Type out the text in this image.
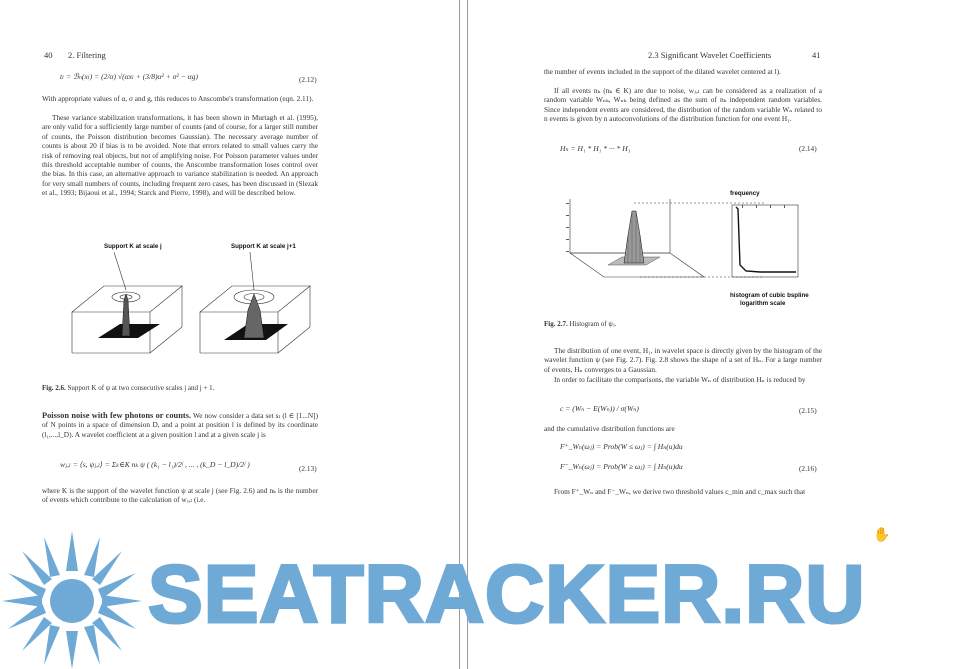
40 2. Filtering
tₗ = ℬₙ(xₗ) = (2/α) √(αxₗ + (3/8)α² + σ² − αg)	(2.12)
With appropriate values of α, σ and g, this reduces to Anscombe's transformation (eqn. 2.11).
These variance stabilization transformations, it has been shown in Murtagh et al. (1995), are only valid for a sufficiently large number of counts (and of course, for a larger still number of counts, the Poisson distribution becomes Gaussian). The necessary average number of counts is about 20 if bias is to be avoided. Note that errors related to small values carry the risk of removing real objects, but not of amplifying noise. For Poisson parameter values under this threshold acceptable number of counts, the Anscombe transformation loses control over the bias. In this case, an alternative approach to variance stabilization is needed. An approach for very small numbers of counts, including frequent zero cases, has been discussed in (Slezak et al., 1993; Bijaoui et al., 1994; Starck and Pierre, 1998), and will be described below.
Support K at scale j	Support K at scale j+1
Fig. 2.6. Support K of ψ at two consecutive scales j and j + 1.
Poisson noise with few photons or counts. We now consider a data set sₗ (l ∈ [1...N]) of N points in a space of dimension D, and a point at position l is defined by its coordinate (l₁,...,l_D). A wavelet coefficient at a given position l and at a given scale j is
wⱼ,ₗ = ⟨s, ψⱼ,ₗ⟩ = Σₖ∈K nₖ ψ ( (k₁ − l₁)/2ʲ , ... , (k_D − l_D)/2ʲ )	(2.13)
where K is the support of the wavelet function ψ at scale j (see Fig. 2.6) and nₖ is the number of events which contribute to the calculation of wⱼ,ₗ (i.e.
2.3 Significant Wavelet Coefficients	41
the number of events included in the support of the dilated wavelet centered at l).
If all events nₖ (nₖ ∈ K) are due to noise, wⱼ,ₗ can be considered as a realization of a random variable Wₙₖ, Wₙₖ being defined as the sum of nₖ independent random variables. Since independent events are considered, the distribution of the random variable Wₙ related to n events is given by n autoconvolutions of the distribution function for one event H₁.
Hₙ = H₁ * H₁ * ··· * H₁	(2.14)
frequency
histogram of cubic bspline
logarithm scale
Fig. 2.7. Histogram of ψⱼ.
The distribution of one event, H₁, in wavelet space is directly given by the histogram of the wavelet function ψ (see Fig. 2.7). Fig. 2.8 shows the shape of a set of Hₙ. For a large number of events, Hₙ converges to a Gaussian.
In order to facilitate the comparisons, the variable Wₙ of distribution Hₙ is reduced by
c = (Wₙ − E(Wₙ)) / σ(Wₙ)	(2.15)
and the cumulative distribution functions are
F⁺_Wₙ(ωⱼ) = Prob(W ≤ ωⱼ) = ∫ Hₙ(u)du
F⁻_Wₙ(ωⱼ) = Prob(W ≥ ωⱼ) = ∫ Hₙ(u)du	(2.16)
From F⁺_Wₙ and F⁻_Wₙ, we derive two threshold values c_min and c_max such that
SEATRACKER.RU
✋
